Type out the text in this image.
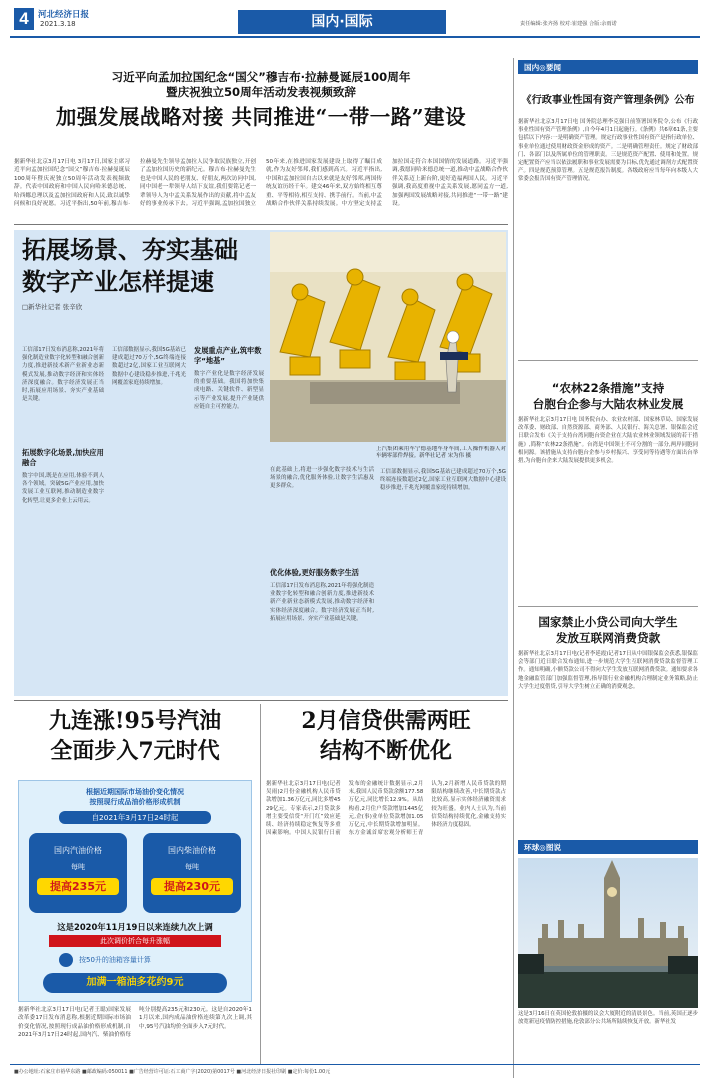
4	河北经济日报
2021.3.18	国内·国际	责任编辑:张齐扬 校对:崔建强 合版:余雨诺
习近平向孟加拉国纪念“国父”穆吉布·拉赫曼诞辰100周年
暨庆祝独立50周年活动发表视频致辞
加强发展战略对接 共同推进“一带一路”建设
据新华社北京3月17日电 3月17日,国家主席习近平向孟加拉国纪念“国父”穆吉布·拉赫曼诞辰100周年暨庆祝独立50周年活动发表视频致辞。代表中国政府和中国人民向哈米德总统、哈西娜总理以及孟加拉国政府和人民,致以诚挚问候和良好祝愿。习近平指出,50年前,穆吉布·拉赫曼先生领导孟加拉人民争取民族独立,开创了孟加拉国历史的新纪元。穆吉布·拉赫曼先生也是中国人民的老朋友、好朋友,两次访问中国,同中国老一辈领导人结下友谊,我们要铭记老一辈领导人为中孟关系发展作出的贡献,将中孟友好的事业传承下去。习近平强调,孟加拉国独立50年来,在推进国家发展建设上取得了瞩目成就,作为友好邻邦,我们感到高兴。习近平指出,中国和孟加拉国自古以来就是友好邻邦,两国传统友谊历经千年。建交46年来,双方始终相互尊重、平等相待,相互支持、携手前行。当前,中孟战略合作伙伴关系持续发展。中方坚定支持孟加拉国走符合本国国情的发展道路。习近平强调,我愿同哈米德总统一道,推动中孟战略合作伙伴关系迈上新台阶,更好造福两国人民。习近平强调,我高度重视中孟关系发展,愿同孟方一道,加强两国发展战略对接,共同推进“一带一路”建设。
拓展场景、夯实基础
数字产业怎样提速
□新华社记者 张辛欣
上汽集团乘用车宁德基地车身车间,工人操作机器人对车辆零部件焊接。新华社记者 宋为伟 摄
工信部17日发布消息称,2021年将强化制造业数字化转型和融合创新力度,推进新技术新产业新业态新模式发展,推动数字经济和实体经济深度融合。数字经济发展正当时,拓展应用场景、夯实产业基础是关键。
拓展数字化场景,加快应用融合
数字中国,既是在应用,体验不到人各个领域。突破5G产业应用,加快发展工业互联网,推动制造业数字化转型,让更多企业上云用云。
工信部数据显示,我国5G基站已建成超过70万个,5G终端连接数超过2亿,国家工业互联网大数据中心建设稳步推进,千兆光网覆盖家庭持续增加。
发展重点产业,筑牢数字“地基”
数字产业化是数字经济发展的重要基础。我国将加快集成电路、关键软件、新型显示等产业发展,提升产业链供应链自主可控能力。
在此基础上,将进一步强化数字技术与生活场景的融合,优化服务体验,让数字生活惠及更多群众。
优化体验,更好服务数字生活
工信部17日发布消息称,2021年将强化制造业数字化转型和融合创新力度,推进新技术新产业新业态新模式发展,推动数字经济和实体经济深度融合。数字经济发展正当时,拓展应用场景、夯实产业基础是关键。
工信部数据显示,我国5G基站已建成超过70万个,5G终端连接数超过2亿,国家工业互联网大数据中心建设稳步推进,千兆光网覆盖家庭持续增加。
九连涨!95号汽油
全面步入7元时代
根据近期国际市场油价变化情况
按照现行成品油价格形成机制
自2021年3月17日24时起
国内汽油价格
每吨
提高235元
国内柴油价格
每吨
提高230元
这是2020年11月19日以来连续九次上调
此次调价折合每升涨幅
按50升的油箱容量计算
加满一箱油多花约9元
据新华社北京3月17日电(记者王聪)国家发展改革委17日发布消息称,根据近期国际市场油价变化情况,按照现行成品油价格形成机制,自2021年3月17日24时起,国内汽、柴油价格每吨分别提高235元和230元。这是自2020年11月以来,国内成品油价格连续第九次上调,其中,95号汽油均价全面步入7元时代。
2月信贷供需两旺
结构不断优化
据新华社北京3月17日电(记者吴雨)2月份金融机构人民币贷款增加1.36万亿元,同比多增4529亿元。专家表示,2月贷款多增主要受信贷“开门红”效应延续、经济持续稳定恢复等多重因素影响。中国人民银行日前发布的金融统计数据显示,2月末,我国人民币贷款余额177.58万亿元,同比增长12.9%。从结构看,2月住户贷款增加1445亿元,企(事)业单位贷款增加1.05万亿元,中长期贷款增加明显。东方金诚首席宏观分析师王青认为,2月新增人民币贷款的期限结构继续改善,中长期贷款占比较高,显示实体经济融资需求较为旺盛。业内人士认为,当前信贷结构持续优化,金融支持实体经济力度稳固。
国内◎要闻
《行政事业性国有资产管理条例》公布
据新华社北京3月17日电 国务院总理李克强日前签署国务院令,公布《行政事业性国有资产管理条例》,自今年4月1日起施行。《条例》共6章61条,主要包括以下内容:一是明确资产管理。规定行政事业性国有资产是指行政单位、事业单位通过使用财政资金形成的资产。二是明确管理责任。规定了财政部门、各部门以及所属单位的管理职责。三是规范资产配置、使用和处置。规定配置资产应当以依法履职和事业发展需要为目标,优先通过调剂方式配置资产。四是规范预算管理。五是规范报告制度。各级政府应当每年向本级人大常委会报告国有资产管理情况。
“农林22条措施”支持
台胞台企参与大陆农林业发展
据新华社北京3月17日电 国务院台办、农业农村部、国家林草局、国家发展改革委、财政部、自然资源部、商务部、人民银行、海关总署、银保监会近日联合发布《关于支持台湾同胞台资企业在大陆农业林业领域发展的若干措施》,简称“农林22条措施”。台湾是中国领土不可分割的一部分,两岸同胞同根同源。该措施从支持台胞台企参与乡村振兴、享受同等待遇等方面出台举措,为台胞台企来大陆发展提供更多机会。
国家禁止小贷公司向大学生
发放互联网消费贷款
据新华社北京3月17日电(记者李延霞)记者17日从中国银保监会获悉,银保监会等部门近日联合发布通知,进一步规范大学生互联网消费贷款监督管理工作。通知明确,小额贷款公司不得向大学生发放互联网消费贷款。通知要求各地金融监管部门加强监督管理,指导银行业金融机构合理制定业务策略,防止大学生过度借贷,引导大学生树立正确的消费观念。
环球◎图说
这是3月16日在英国伦敦拍摄的议会大厦附近的清晨景色。当前,英国正逐步放宽新冠疫情防控措施,伦敦部分公共场所陆续恢复开放。新华社发
■办公地址:石家庄市裕华东路 ■邮政编码:050011 ■广告经营许可证:石工商广字(2020)第0017号 ■河北经济日报社印刷 ■定价:每份1.00元
